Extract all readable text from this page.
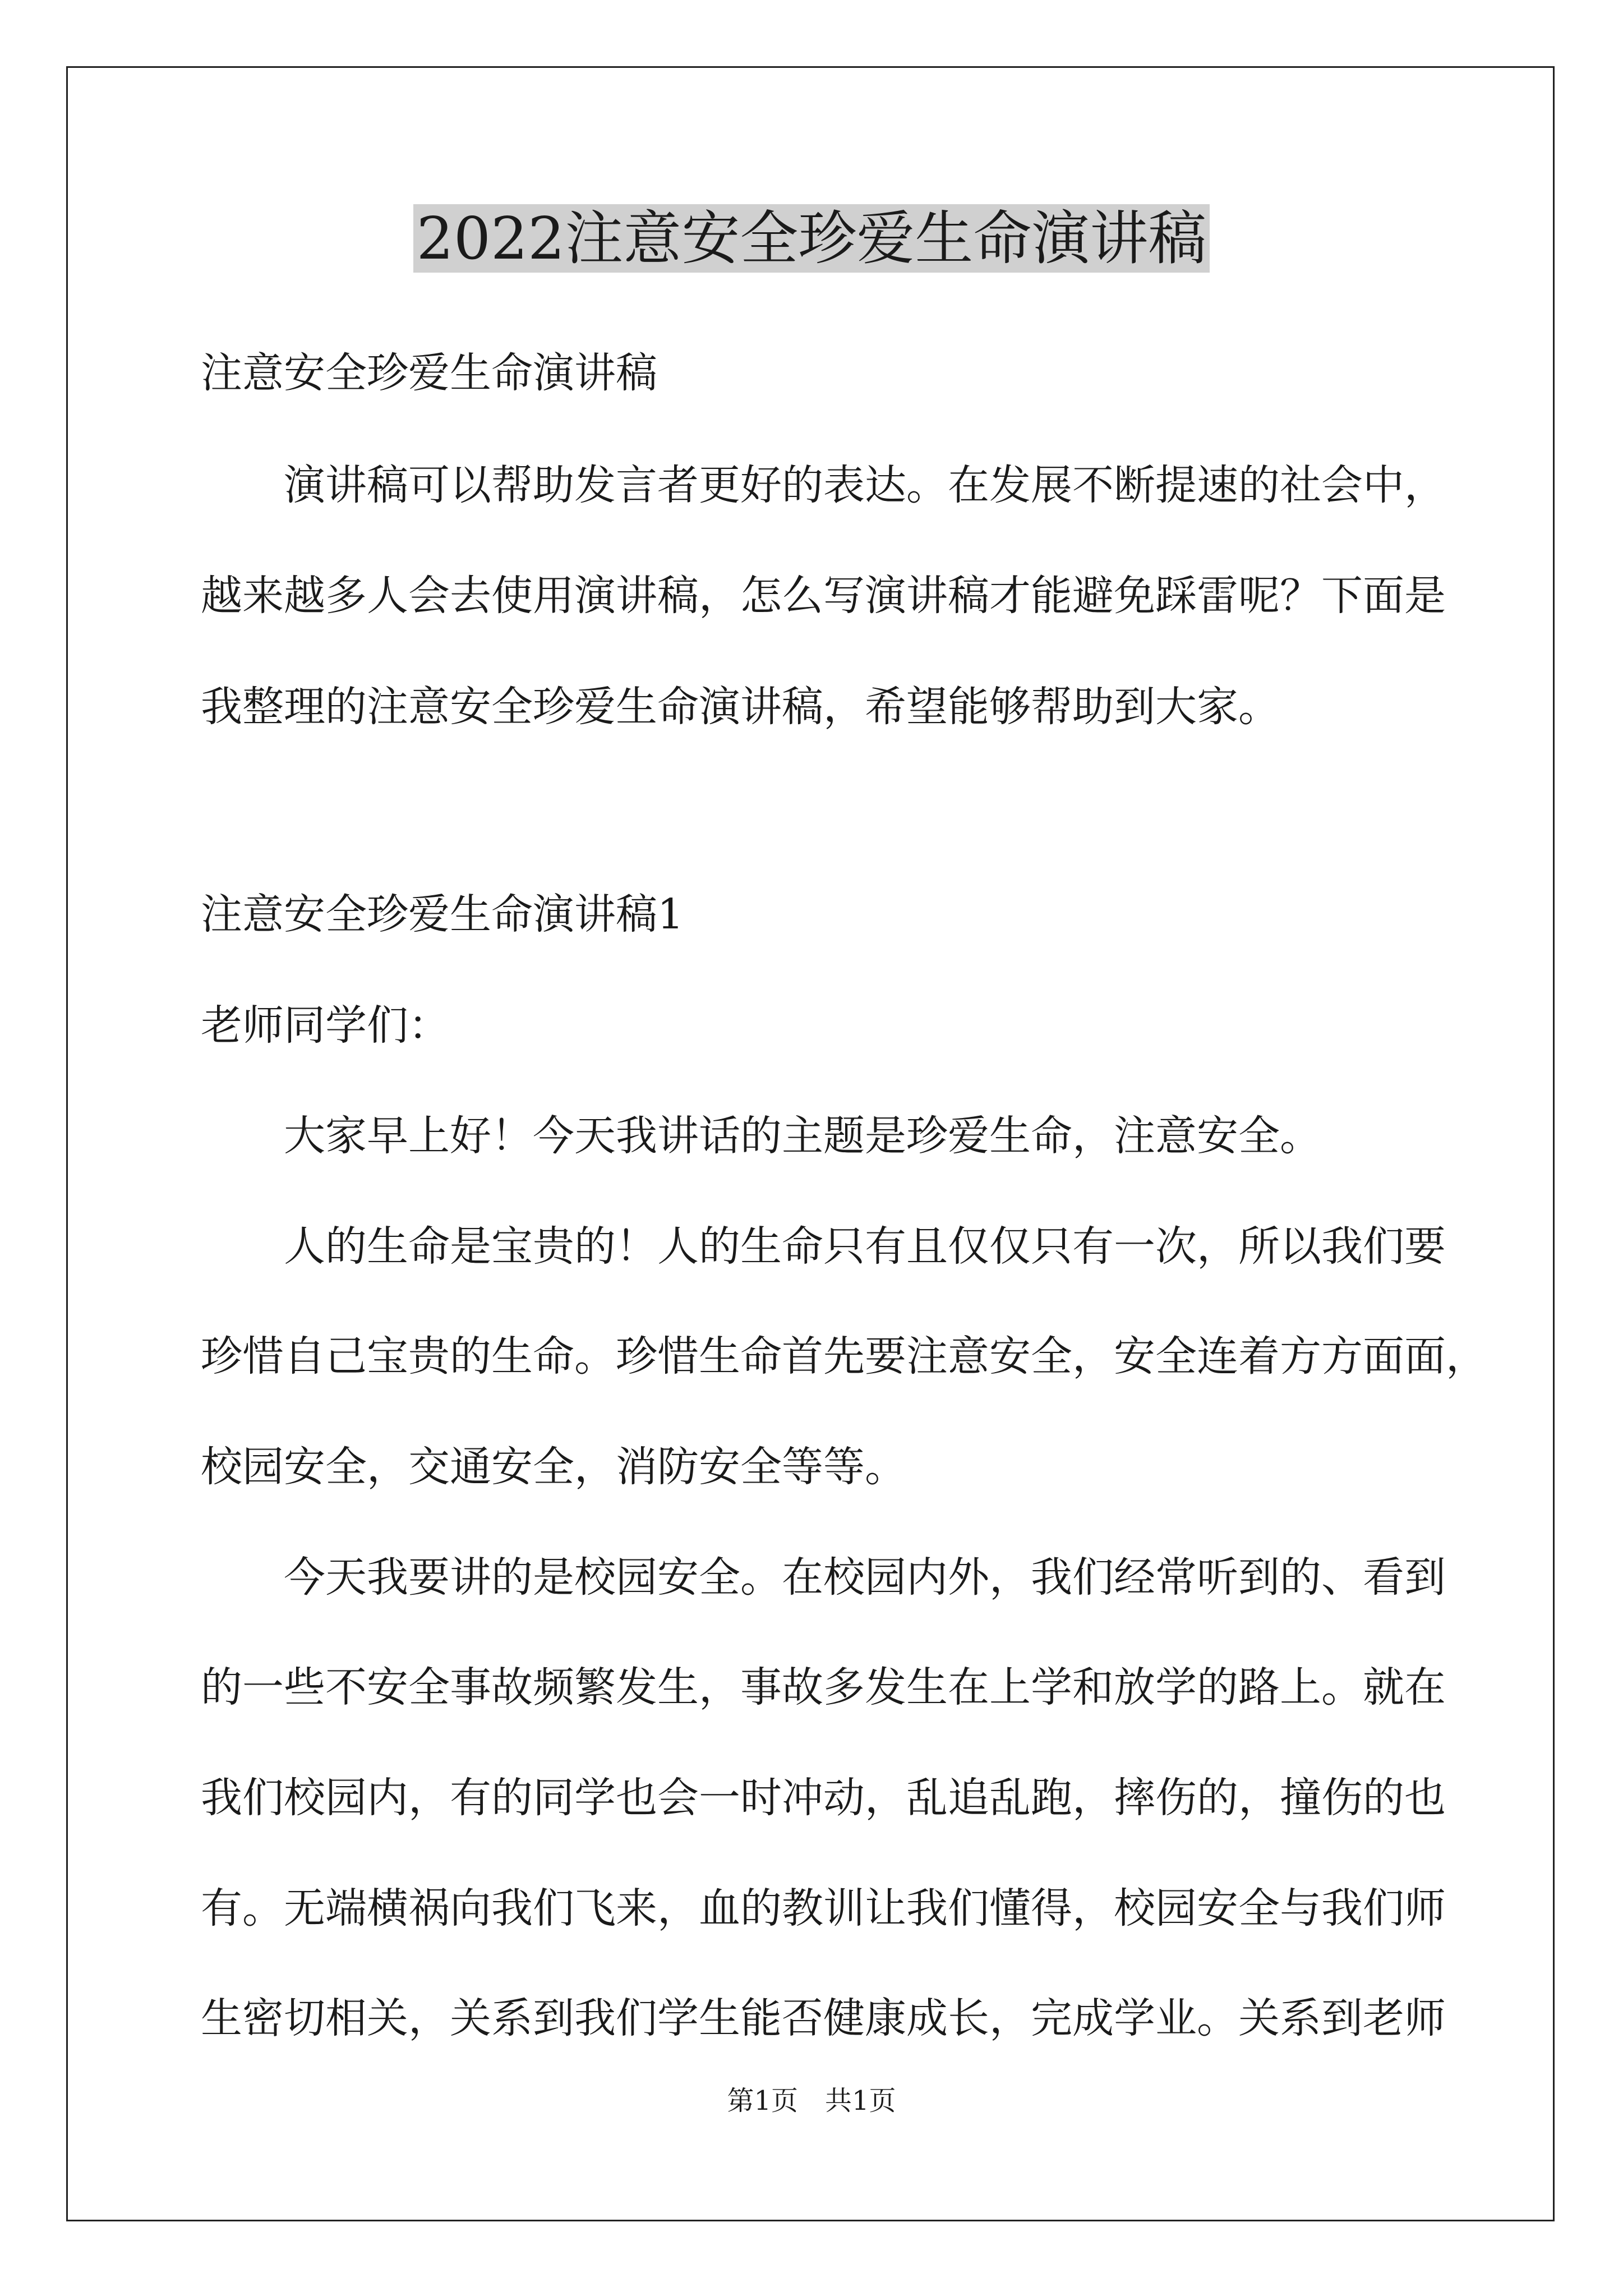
2022注意安全珍爱生命演讲稿

注意安全珍爱生命演讲稿

　　演讲稿可以帮助发言者更好的表达。在发展不断提速的社会中，

越来越多人会去使用演讲稿，怎么写演讲稿才能避免踩雷呢？下面是

我整理的注意安全珍爱生命演讲稿，希望能够帮助到大家。

注意安全珍爱生命演讲稿1

老师同学们：

　　大家早上好！今天我讲话的主题是珍爱生命，注意安全。

　　人的生命是宝贵的！人的生命只有且仅仅只有一次，所以我们要

珍惜自己宝贵的生命。珍惜生命首先要注意安全，安全连着方方面面，

校园安全，交通安全，消防安全等等。

　　今天我要讲的是校园安全。在校园内外，我们经常听到的、看到

的一些不安全事故频繁发生，事故多发生在上学和放学的路上。就在

我们校园内，有的同学也会一时冲动，乱追乱跑，摔伤的，撞伤的也

有。无端横祸向我们飞来，血的教训让我们懂得，校园安全与我们师

生密切相关，关系到我们学生能否健康成长，完成学业。关系到老师

第1页　共1页
